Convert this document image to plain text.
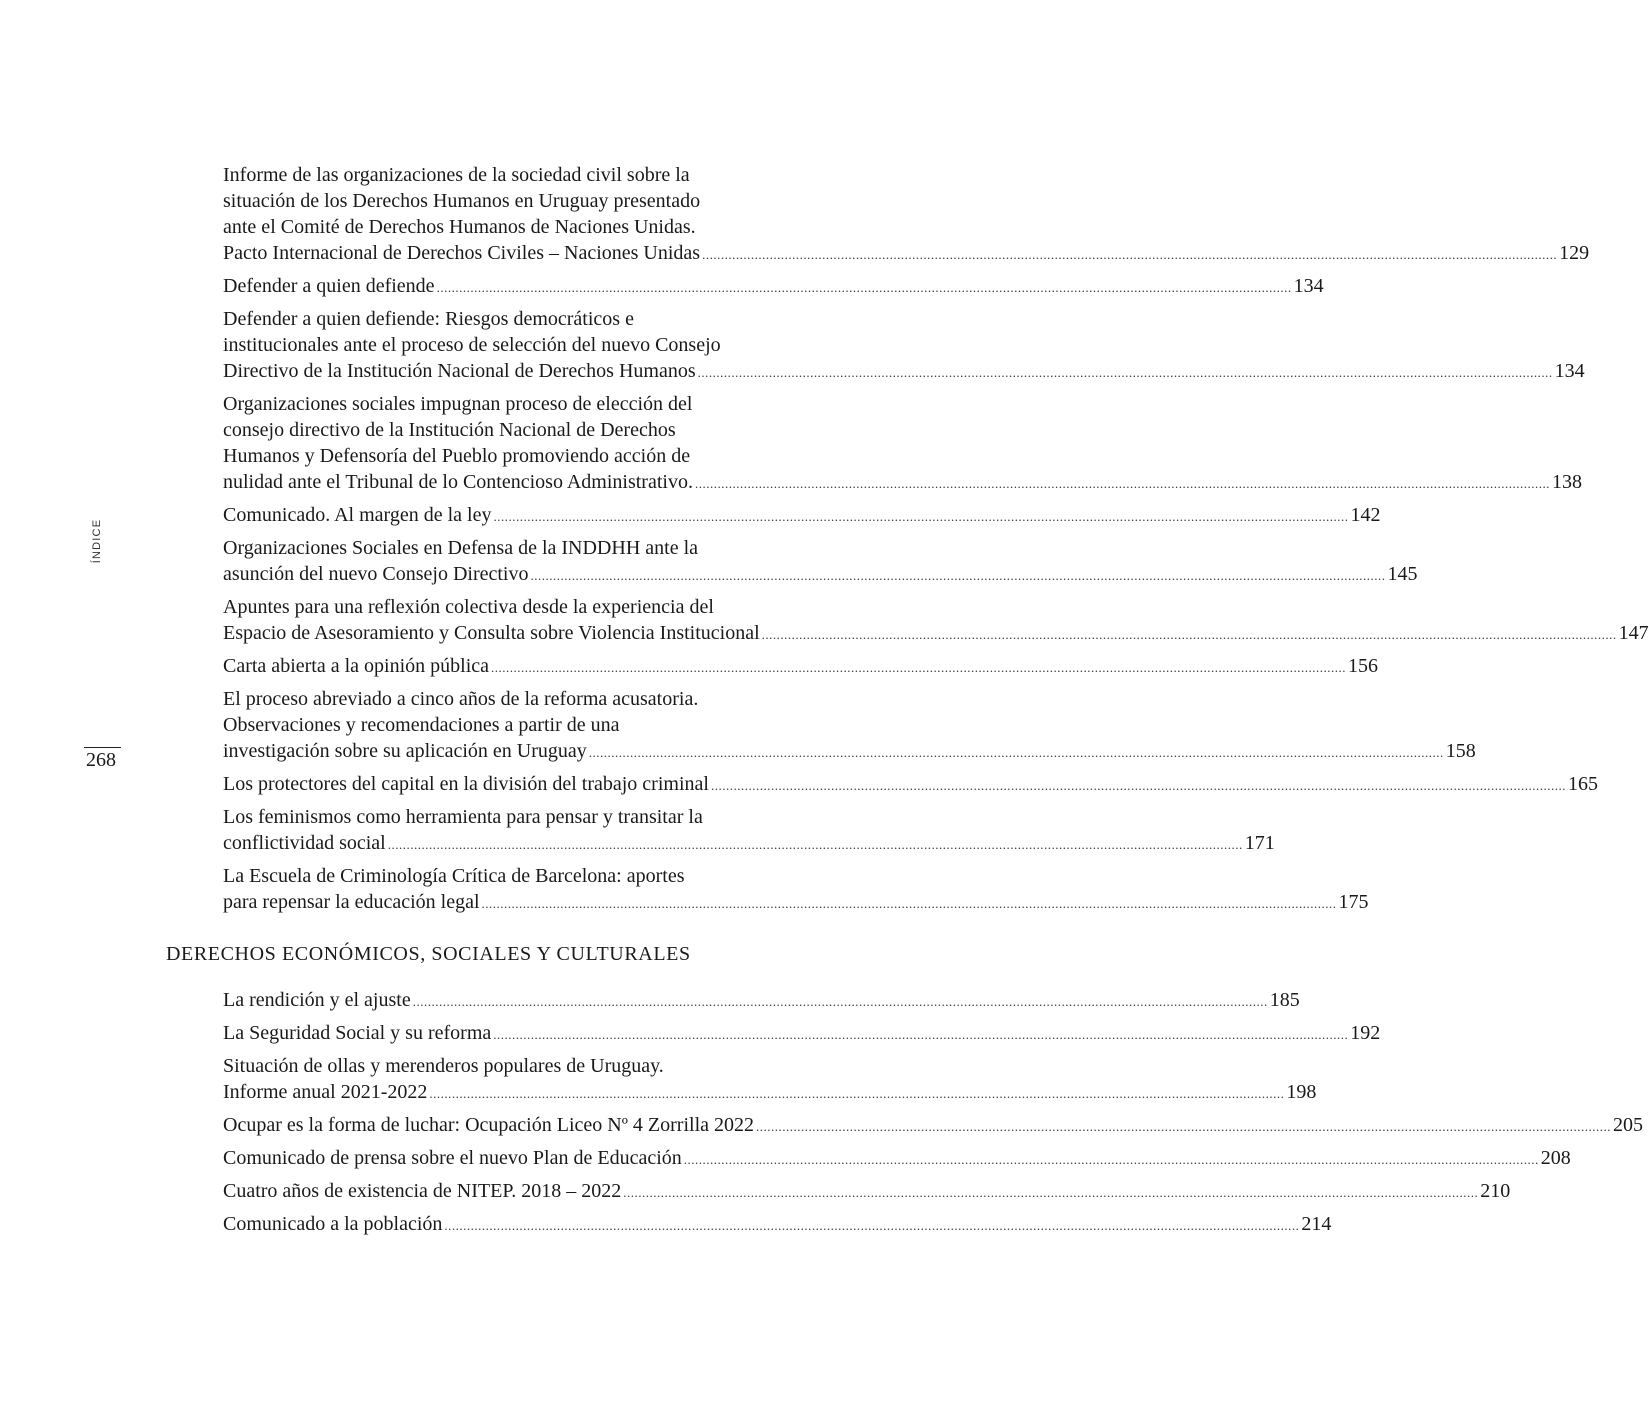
ÍNDICE
268
Informe de las organizaciones de la sociedad civil sobre la
situación de los Derechos Humanos en Uruguay presentado
ante el Comité de Derechos Humanos de Naciones Unidas.
Pacto Internacional de Derechos Civiles – Naciones Unidas .................................................................................................................................................................................................................................... 129
Defender a quien defiende .................................................................................................................................................................................................................................... 134
Defender a quien defiende: Riesgos democráticos e
institucionales ante el proceso de selección del nuevo Consejo
Directivo de la Institución Nacional de Derechos Humanos .................................................................................................................................................................................................................................... 134
Organizaciones sociales impugnan proceso de elección del
consejo directivo de la Institución Nacional de Derechos
Humanos y Defensoría del Pueblo promoviendo acción de
nulidad ante el Tribunal de lo Contencioso Administrativo. .................................................................................................................................................................................................................................... 138
Comunicado. Al margen de la ley .................................................................................................................................................................................................................................... 142
Organizaciones Sociales en Defensa de la INDDHH ante la
asunción del nuevo Consejo Directivo .................................................................................................................................................................................................................................... 145
Apuntes para una reflexión colectiva desde la experiencia del
Espacio de Asesoramiento y Consulta sobre Violencia Institucional .................................................................................................................................................................................................................................... 147
Carta abierta a la opinión pública .................................................................................................................................................................................................................................... 156
El proceso abreviado a cinco años de la reforma acusatoria.
Observaciones y recomendaciones a partir de una
investigación sobre su aplicación en Uruguay .................................................................................................................................................................................................................................... 158
Los protectores del capital en la división del trabajo criminal .................................................................................................................................................................................................................................... 165
Los feminismos como herramienta para pensar y transitar la
conflictividad social .................................................................................................................................................................................................................................... 171
La Escuela de Criminología Crítica de Barcelona: aportes
para repensar la educación legal .................................................................................................................................................................................................................................... 175
DERECHOS ECONÓMICOS, SOCIALES Y CULTURALES
La rendición y el ajuste .................................................................................................................................................................................................................................... 185
La Seguridad Social y su reforma .................................................................................................................................................................................................................................... 192
Situación de ollas y merenderos populares de Uruguay.
Informe anual 2021-2022 .................................................................................................................................................................................................................................... 198
Ocupar es la forma de luchar: Ocupación Liceo Nº 4 Zorrilla 2022 .................................................................................................................................................................................................................................... 205
Comunicado de prensa sobre el nuevo Plan de Educación .................................................................................................................................................................................................................................... 208
Cuatro años de existencia de NITEP. 2018 – 2022 .................................................................................................................................................................................................................................... 210
Comunicado a la población .................................................................................................................................................................................................................................... 214
